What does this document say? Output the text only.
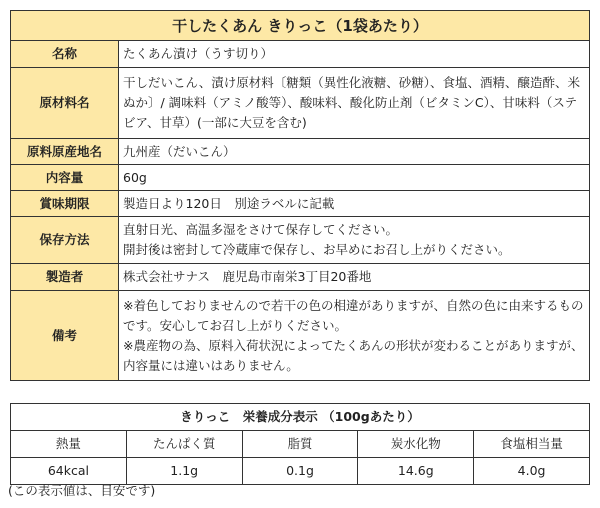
干したくあん きりっこ（1袋あたり）	
名称	たくあん漬け（うす切り）
原材料名	干しだいこん、漬け原材料〔糖類（異性化液糖、砂糖）、食塩、酒精、醸造酢、米ぬか〕/ 調味料（アミノ酸等）、酸味料、酸化防止剤（ビタミンC）、甘味料（ステビア、甘草）(一部に大豆を含む)
原料原産地名	九州産（だいこん）
内容量	60g
賞味期限	製造日より120日　別途ラベルに記載
保存方法	直射日光、高温多湿をさけて保存してください。
開封後は密封して冷蔵庫で保存し、お早めにお召し上がりください。

製造者	株式会社サナス　鹿児島市南栄3丁目20番地
備考	※着色しておりませんので若干の色の相違がありますが、自然の色に由来するものです。安心してお召し上がりください。
※農産物の為、原料入荷状況によってたくあんの形状が変わることがありますが、内容量には違いはありません。
きりっこ　栄養成分表示 （100gあたり）				
熱量	たんぱく質	脂質	炭水化物	食塩相当量
64kcal	1.1g	0.1g	14.6g	4.0g
(この表示値は、目安です)
